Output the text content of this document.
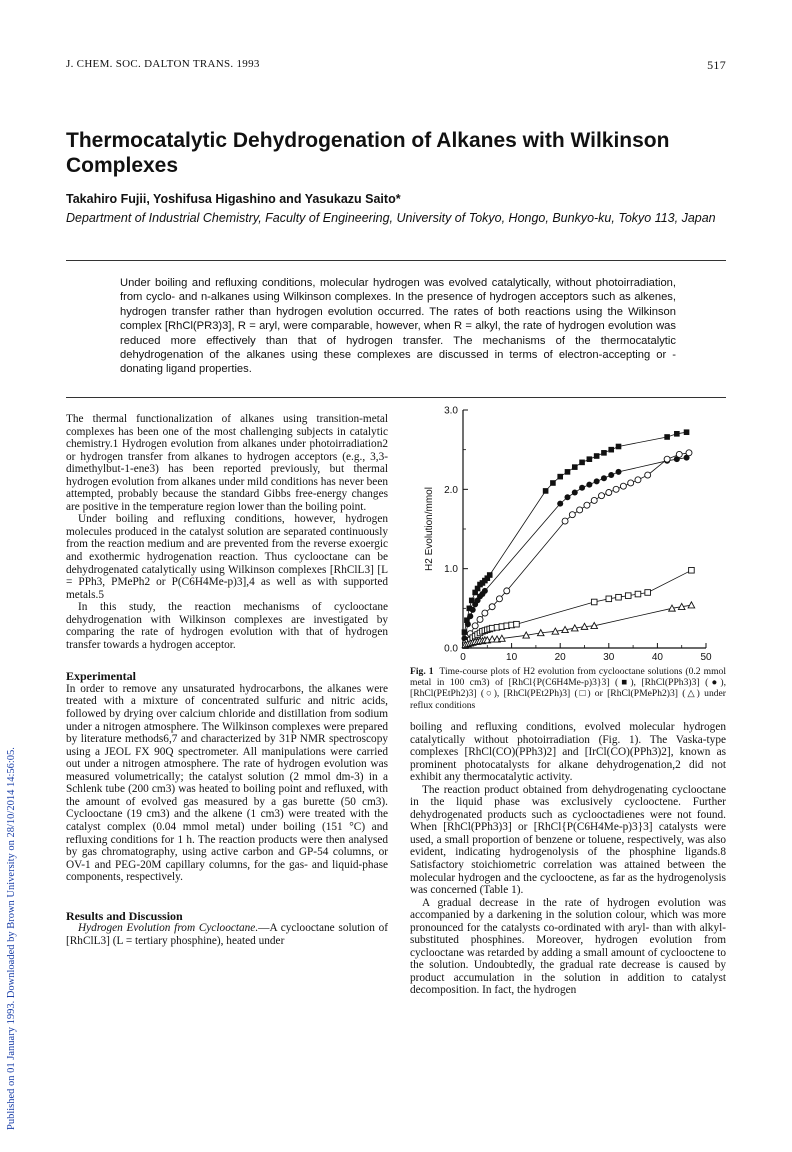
J. CHEM. SOC. DALTON TRANS. 1993	517
Published on 01 January 1993. Downloaded by Brown University on 28/10/2014 14:56:05.
Thermocatalytic Dehydrogenation of Alkanes with Wilkinson Complexes
Takahiro Fujii, Yoshifusa Higashino and Yasukazu Saito*
Department of Industrial Chemistry, Faculty of Engineering, University of Tokyo, Hongo, Bunkyo-ku, Tokyo 113, Japan
Under boiling and refluxing conditions, molecular hydrogen was evolved catalytically, without photoirradiation, from cyclo- and n-alkanes using Wilkinson complexes. In the presence of hydrogen acceptors such as alkenes, hydrogen transfer rather than hydrogen evolution occurred. The rates of both reactions using the Wilkinson complex [RhCl(PR3)3], R = aryl, were comparable, however, when R = alkyl, the rate of hydrogen evolution was reduced more effectively than that of hydrogen transfer. The mechanisms of the thermocatalytic dehydrogenation of the alkanes using these complexes are discussed in terms of electron-accepting or -donating ligand properties.

The thermal functionalization of alkanes using transition-metal complexes has been one of the most challenging subjects in catalytic chemistry.1 Hydrogen evolution from alkanes under photoirradiation2 or hydrogen transfer from alkanes to hydrogen acceptors (e.g., 3,3-dimethylbut-1-ene3) has been reported previously, but thermal hydrogen evolution from alkanes under mild conditions has never been attempted, probably because the standard Gibbs free-energy changes are positive in the temperature region lower than the boiling point.

Under boiling and refluxing conditions, however, hydrogen molecules produced in the catalyst solution are separated continuously from the reaction medium and are prevented from the reverse exoergic and exothermic hydrogenation reaction. Thus cyclooctane can be dehydrogenated catalytically using Wilkinson complexes [RhClL3] [L = PPh3, PMePh2 or P(C6H4Me-p)3],4 as well as with supported metals.5

In this study, the reaction mechanisms of cyclooctane dehydrogenation with Wilkinson complexes are investigated by comparing the rate of hydrogen evolution with that of hydrogen transfer towards a hydrogen acceptor.

Experimental

In order to remove any unsaturated hydrocarbons, the alkanes were treated with a mixture of concentrated sulfuric and nitric acids, followed by drying over calcium chloride and distillation from sodium under a nitrogen atmosphere. The Wilkinson complexes were prepared by literature methods6,7 and characterized by 31P NMR spectroscopy using a JEOL FX 90Q spectrometer. All manipulations were carried out under a nitrogen atmosphere. The rate of hydrogen evolution was measured volumetrically; the catalyst solution (2 mmol dm-3) in a Schlenk tube (200 cm3) was heated to boiling point and refluxed, with the amount of evolved gas measured by a gas burette (50 cm3). Cyclooctane (19 cm3) and the alkene (1 cm3) were treated with the catalyst complex (0.04 mmol metal) under boiling (151 °C) and refluxing conditions for 1 h. The reaction products were then analysed by gas chromatography, using active carbon and GP-54 columns, or OV-1 and PEG-20M capillary columns, for the gas- and liquid-phase components, respectively.

Results and Discussion

Hydrogen Evolution from Cyclooctane.—A cyclooctane solution of [RhClL3] (L = tertiary phosphine), heated under

0	10	20	30	40	50
0.0
1.0
2.0
3.0
H2 Evolution/mmol
Fig. 1 Time-course plots of H2 evolution from cyclooctane solutions (0.2 mmol metal in 100 cm3) of [RhCl{P(C6H4Me-p)3}3] (■), [RhCl(PPh3)3] (●), [RhCl(PEtPh2)3] (○), [RhCl(PEt2Ph)3] (□) or [RhCl(PMePh2)3] (△) under reflux conditions

boiling and refluxing conditions, evolved molecular hydrogen catalytically without photoirradiation (Fig. 1). The Vaska-type complexes [RhCl(CO)(PPh3)2] and [IrCl(CO)(PPh3)2], known as prominent photocatalysts for alkane dehydrogenation,2 did not exhibit any thermocatalytic activity.

The reaction product obtained from dehydrogenating cyclooctane in the liquid phase was exclusively cyclooctene. Further dehydrogenated products such as cyclooctadienes were not found. When [RhCl(PPh3)3] or [RhCl{P(C6H4Me-p)3}3] catalysts were used, a small proportion of benzene or toluene, respectively, was also evident, indicating hydrogenolysis of the phosphine ligands.8 Satisfactory stoichiometric correlation was attained between the molecular hydrogen and the cyclooctene, as far as the hydrogenolysis was concerned (Table 1).

A gradual decrease in the rate of hydrogen evolution was accompanied by a darkening in the solution colour, which was more pronounced for the catalysts co-ordinated with aryl- than with alkyl-substituted phosphines. Moreover, hydrogen evolution from cyclooctane was retarded by adding a small amount of cyclooctene to the solution. Undoubtedly, the gradual rate decrease is caused by product accumulation in the solution in addition to catalyst decomposition. In fact, the hydrogen
